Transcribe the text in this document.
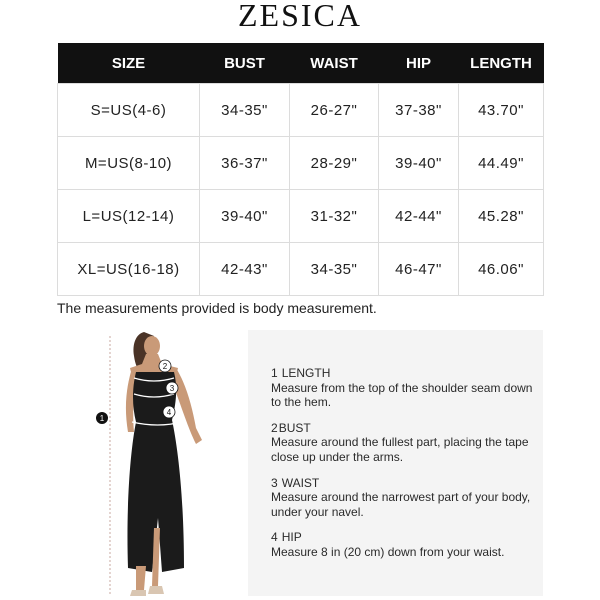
ZESICA
SIZE	BUST	WAIST	HIP	LENGTH
S=US(4-6)	34-35"	26-27"	37-38"	43.70"
M=US(8-10)	36-37"	28-29"	39-40"	44.49"
L=US(12-14)	39-40"	31-32"	42-44"	45.28"
XL=US(16-18)	42-43"	34-35"	46-47"	46.06"
The measurements provided is body measurement.
1
2
3
4
1 LENGTH
Measure from the top of the shoulder seam down to the hem.
2BUST
Measure around the fullest part, placing the tape close up under the arms.
3 WAIST
Measure around the narrowest part of your body, under your navel.
4 HIP
Measure 8 in (20 cm) down from your waist.
